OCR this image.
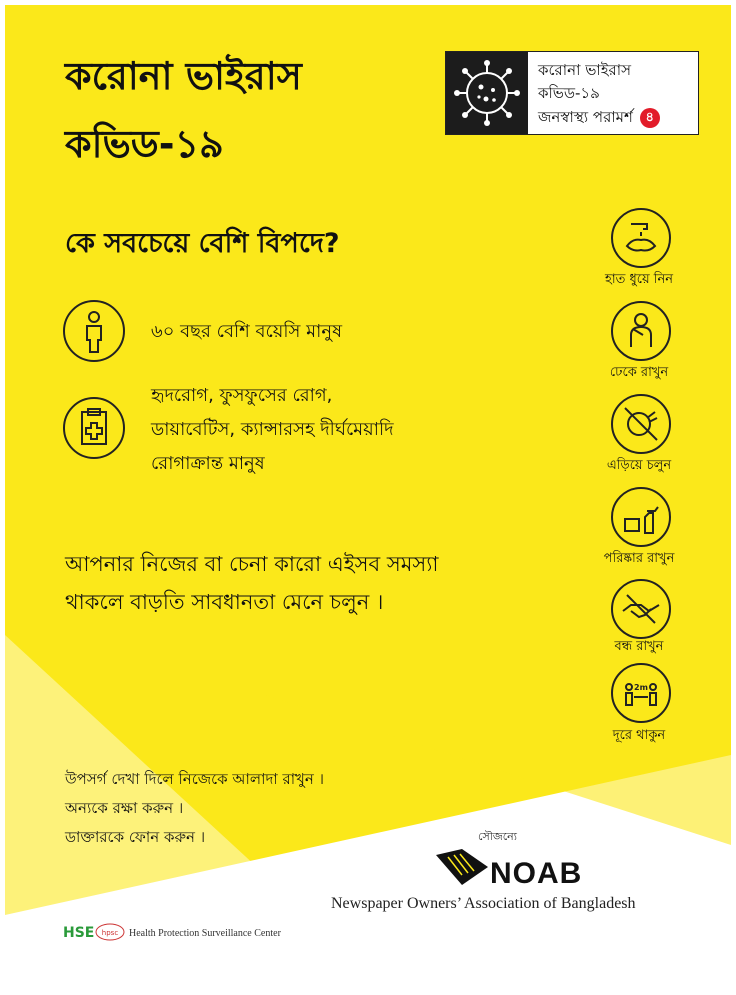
করোনা ভাইরাস
কভিড-১৯
করোনা ভাইরাস
কভিড-১৯
জনস্বাস্থ্য পরামর্শ ৪
কে সবচেয়ে বেশি বিপদে?
৬০ বছর বেশি বয়েসি মানুষ
হৃদরোগ, ফুসফুসের রোগ,
ডায়াবেটিস, ক্যান্সারসহ দীর্ঘমেয়াদি
রোগাক্রান্ত মানুষ
আপনার নিজের বা চেনা কারো এইসব সমস্যা
থাকলে বাড়তি সাবধানতা মেনে চলুন ।
হাত ধুয়ে নিন
ঢেকে রাখুন
এড়িয়ে চলুন
পরিষ্কার রাখুন
বন্ধ রাখুন
2m
দূরে থাকুন
উপসর্গ দেখা দিলে নিজেকে আলাদা রাখুন ।
অন্যকে রক্ষা করুন ।
ডাক্তারকে ফোন করুন ।	সৌজন্যে
NOAB
Newspaper Owners’ Association of Bangladesh
HSE hpsc Health Protection Surveillance Center
